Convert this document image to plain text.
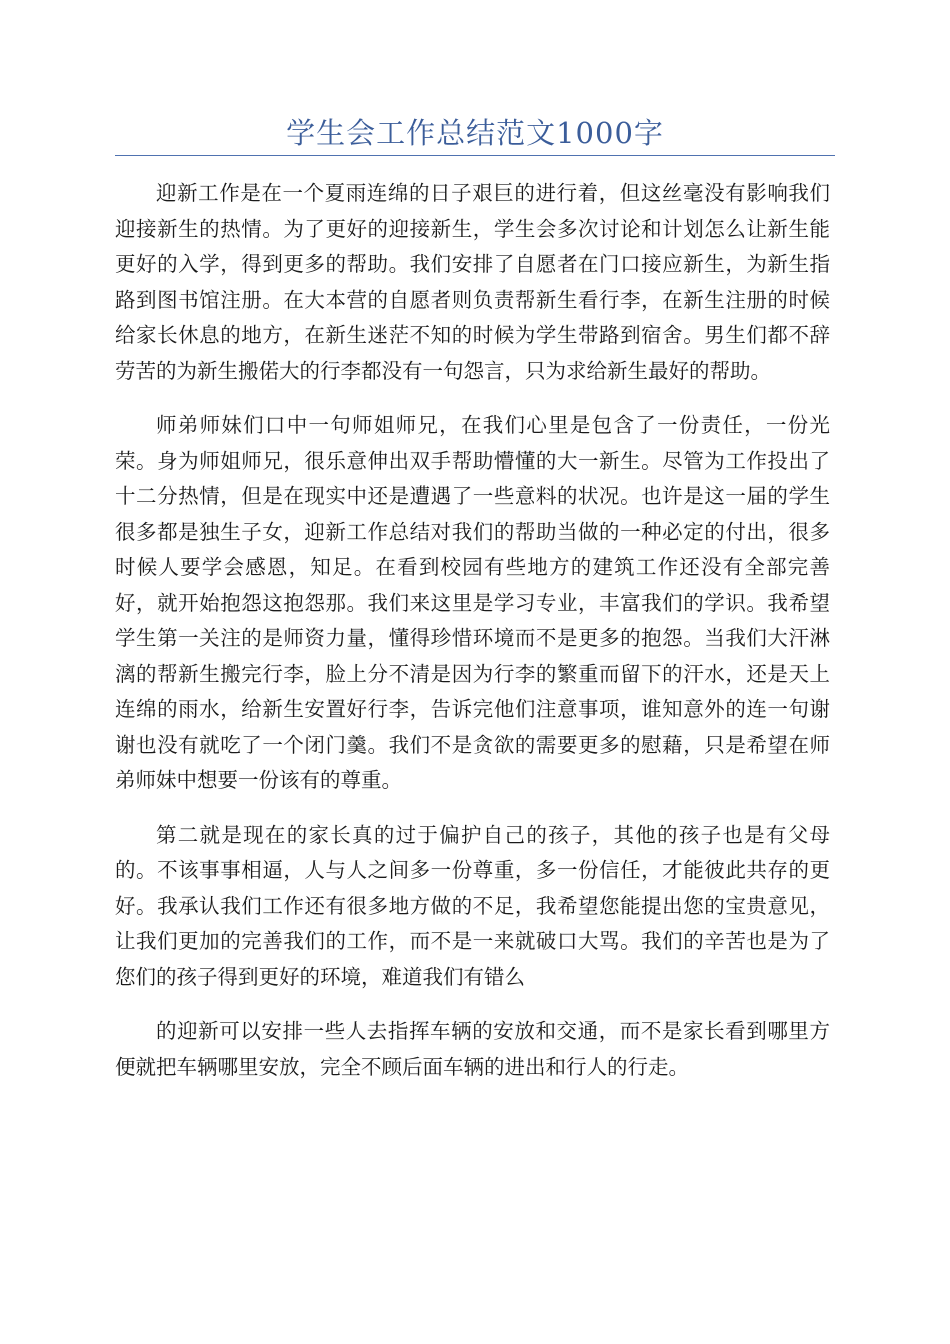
学生会工作总结范文1000字

迎新工作是在一个夏雨连绵的日子艰巨的进行着，但这丝毫没有影响我们迎接新生的热情。为了更好的迎接新生，学生会多次讨论和计划怎么让新生能更好的入学，得到更多的帮助。我们安排了自愿者在门口接应新生，为新生指路到图书馆注册。在大本营的自愿者则负责帮新生看行李，在新生注册的时候给家长休息的地方，在新生迷茫不知的时候为学生带路到宿舍。男生们都不辞劳苦的为新生搬偌大的行李都没有一句怨言，只为求给新生最好的帮助。

师弟师妹们口中一句师姐师兄，在我们心里是包含了一份责任，一份光荣。身为师姐师兄，很乐意伸出双手帮助懵懂的大一新生。尽管为工作投出了十二分热情，但是在现实中还是遭遇了一些意料的状况。也许是这一届的学生很多都是独生子女，迎新工作总结对我们的帮助当做的一种必定的付出，很多时候人要学会感恩，知足。在看到校园有些地方的建筑工作还没有全部完善好，就开始抱怨这抱怨那。我们来这里是学习专业，丰富我们的学识。我希望学生第一关注的是师资力量，懂得珍惜环境而不是更多的抱怨。当我们大汗淋漓的帮新生搬完行李，脸上分不清是因为行李的繁重而留下的汗水，还是天上连绵的雨水，给新生安置好行李，告诉完他们注意事项，谁知意外的连一句谢谢也没有就吃了一个闭门羹。我们不是贪欲的需要更多的慰藉，只是希望在师弟师妹中想要一份该有的尊重。

第二就是现在的家长真的过于偏护自己的孩子，其他的孩子也是有父母的。不该事事相逼，人与人之间多一份尊重，多一份信任，才能彼此共存的更好。我承认我们工作还有很多地方做的不足，我希望您能提出您的宝贵意见，让我们更加的完善我们的工作，而不是一来就破口大骂。我们的辛苦也是为了您们的孩子得到更好的环境，难道我们有错么

的迎新可以安排一些人去指挥车辆的安放和交通，而不是家长看到哪里方便就把车辆哪里安放，完全不顾后面车辆的进出和行人的行走。
